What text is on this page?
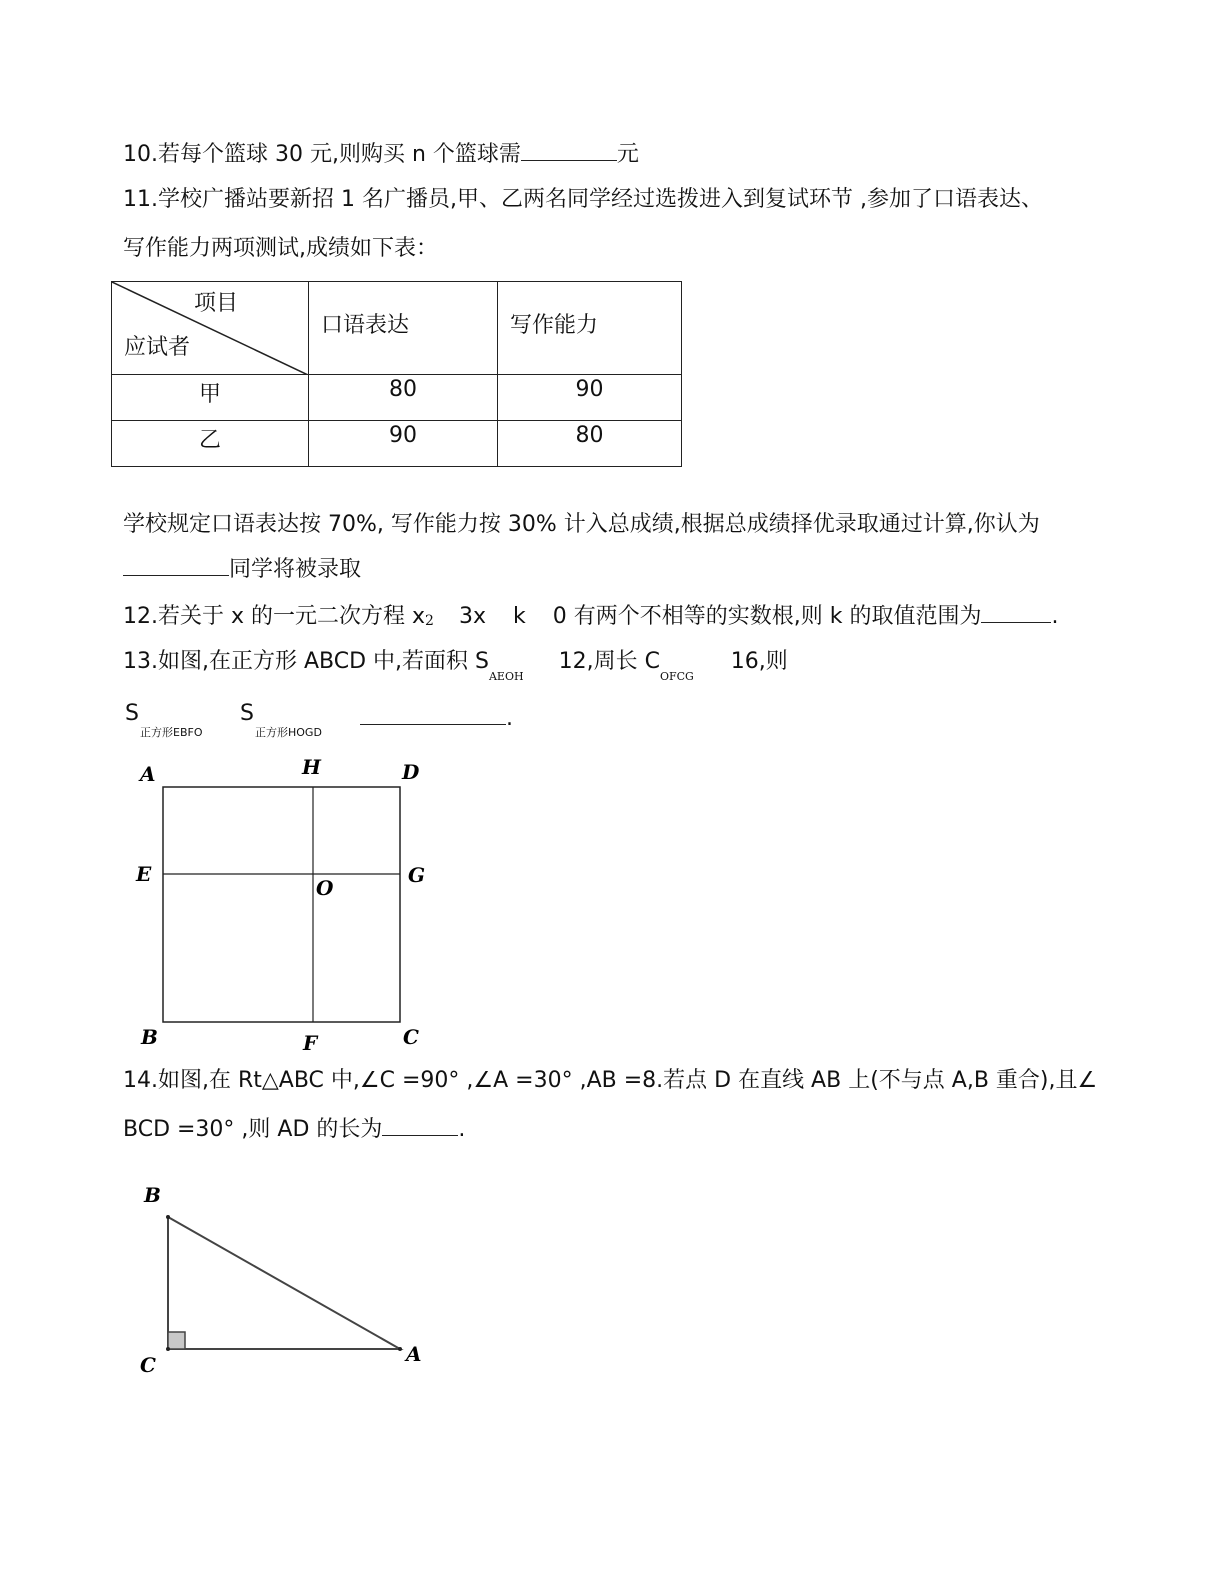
10.若每个篮球 30 元,则购买 n 个篮球需	元
11.学校广播站要新招 1 名广播员,甲、乙两名同学经过选拨进入到复试环节 ,参加了口语表达、
写作能力两项测试,成绩如下表：
项目
应试者	口语表达	写作能力

甲	80	90

乙	90	80
学校规定口语表达按 70%, 写作能力按 30% 计入总成绩,根据总成绩择优录取通过计算,你认为
同学将被录取
12.若关于 x 的一元二次方程 x2 3x k 0 有两个不相等的实数根,则 k 的取值范围为	.
13.如图,在正方形 ABCD 中,若面积 $S_{AEOH}$ 12,周长 $C_{OFCG}$ 16,则
S
正方形EBFO
S
正方形HOGD
.
A	H	D
E
O
G
B	F	C
14.如图,在 Rt△ABC 中,∠C =90° ,∠A =30° ,AB =8.若点 D 在直线 AB 上(不与点 A,B 重合),且∠
BCD =30° ,则 AD 的长为	.
B
C	A
